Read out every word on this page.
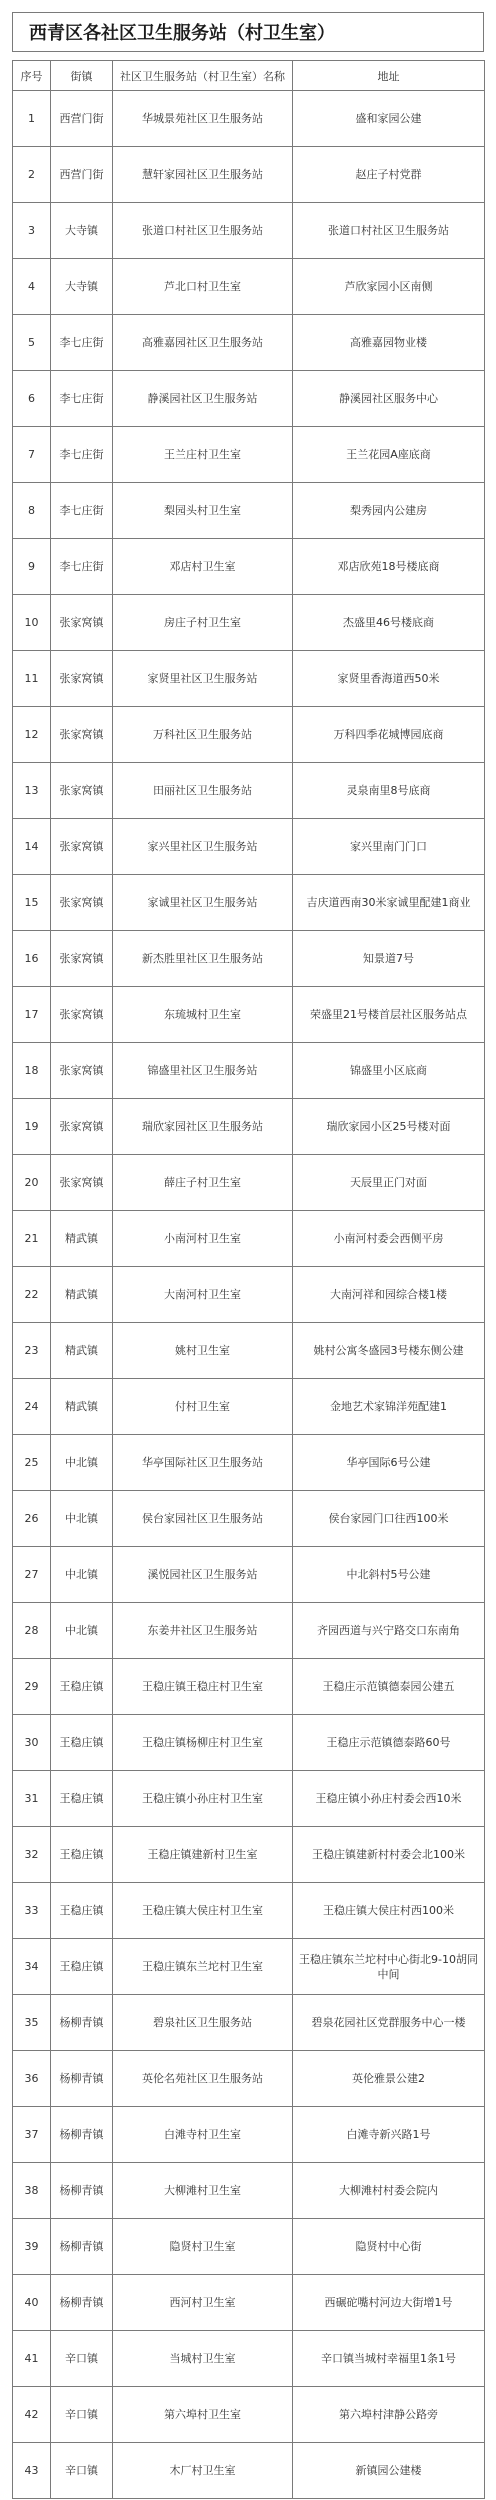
西青区各社区卫生服务站（村卫生室）
序号	街镇	社区卫生服务站（村卫生室）名称	地址
1	西营门街	华城景苑社区卫生服务站	盛和家园公建
2	西营门街	慧轩家园社区卫生服务站	赵庄子村党群
3	大寺镇	张道口村社区卫生服务站	张道口村社区卫生服务站
4	大寺镇	芦北口村卫生室	芦欣家园小区南侧
5	李七庄街	高雅嘉园社区卫生服务站	高雅嘉园物业楼
6	李七庄街	静溪园社区卫生服务站	静溪园社区服务中心
7	李七庄街	王兰庄村卫生室	王兰花园A座底商
8	李七庄街	梨园头村卫生室	梨秀园内公建房
9	李七庄街	邓店村卫生室	邓店欣苑18号楼底商
10	张家窝镇	房庄子村卫生室	杰盛里46号楼底商
11	张家窝镇	家贤里社区卫生服务站	家贤里香海道西50米
12	张家窝镇	万科社区卫生服务站	万科四季花城博园底商
13	张家窝镇	田丽社区卫生服务站	灵泉南里8号底商
14	张家窝镇	家兴里社区卫生服务站	家兴里南门门口
15	张家窝镇	家诚里社区卫生服务站	吉庆道西南30米家诚里配建1商业
16	张家窝镇	新杰胜里社区卫生服务站	知景道7号
17	张家窝镇	东琉城村卫生室	荣盛里21号楼首层社区服务站点
18	张家窝镇	锦盛里社区卫生服务站	锦盛里小区底商
19	张家窝镇	瑞欣家园社区卫生服务站	瑞欣家园小区25号楼对面
20	张家窝镇	薛庄子村卫生室	天辰里正门对面
21	精武镇	小南河村卫生室	小南河村委会西侧平房
22	精武镇	大南河村卫生室	大南河祥和园综合楼1楼
23	精武镇	姚村卫生室	姚村公寓冬盛园3号楼东侧公建
24	精武镇	付村卫生室	金地艺术家锦洋苑配建1
25	中北镇	华亭国际社区卫生服务站	华亭国际6号公建
26	中北镇	侯台家园社区卫生服务站	侯台家园门口往西100米
27	中北镇	溪悦园社区卫生服务站	中北斜村5号公建
28	中北镇	东姜井社区卫生服务站	齐园西道与兴宁路交口东南角
29	王稳庄镇	王稳庄镇王稳庄村卫生室	王稳庄示范镇德泰园公建五
30	王稳庄镇	王稳庄镇杨柳庄村卫生室	王稳庄示范镇德泰路60号
31	王稳庄镇	王稳庄镇小孙庄村卫生室	王稳庄镇小孙庄村委会西10米
32	王稳庄镇	王稳庄镇建新村卫生室	王稳庄镇建新村村委会北100米
33	王稳庄镇	王稳庄镇大侯庄村卫生室	王稳庄镇大侯庄村西100米
34	王稳庄镇	王稳庄镇东兰坨村卫生室	王稳庄镇东兰坨村中心街北9-10胡同中间
35	杨柳青镇	碧泉社区卫生服务站	碧泉花园社区党群服务中心一楼
36	杨柳青镇	英伦名苑社区卫生服务站	英伦雅景公建2
37	杨柳青镇	白滩寺村卫生室	白滩寺新兴路1号
38	杨柳青镇	大柳滩村卫生室	大柳滩村村委会院内
39	杨柳青镇	隐贤村卫生室	隐贤村中心街
40	杨柳青镇	西河村卫生室	西碾砣嘴村河边大街增1号
41	辛口镇	当城村卫生室	辛口镇当城村幸福里1条1号
42	辛口镇	第六埠村卫生室	第六埠村津静公路旁
43	辛口镇	木厂村卫生室	新镇园公建楼
